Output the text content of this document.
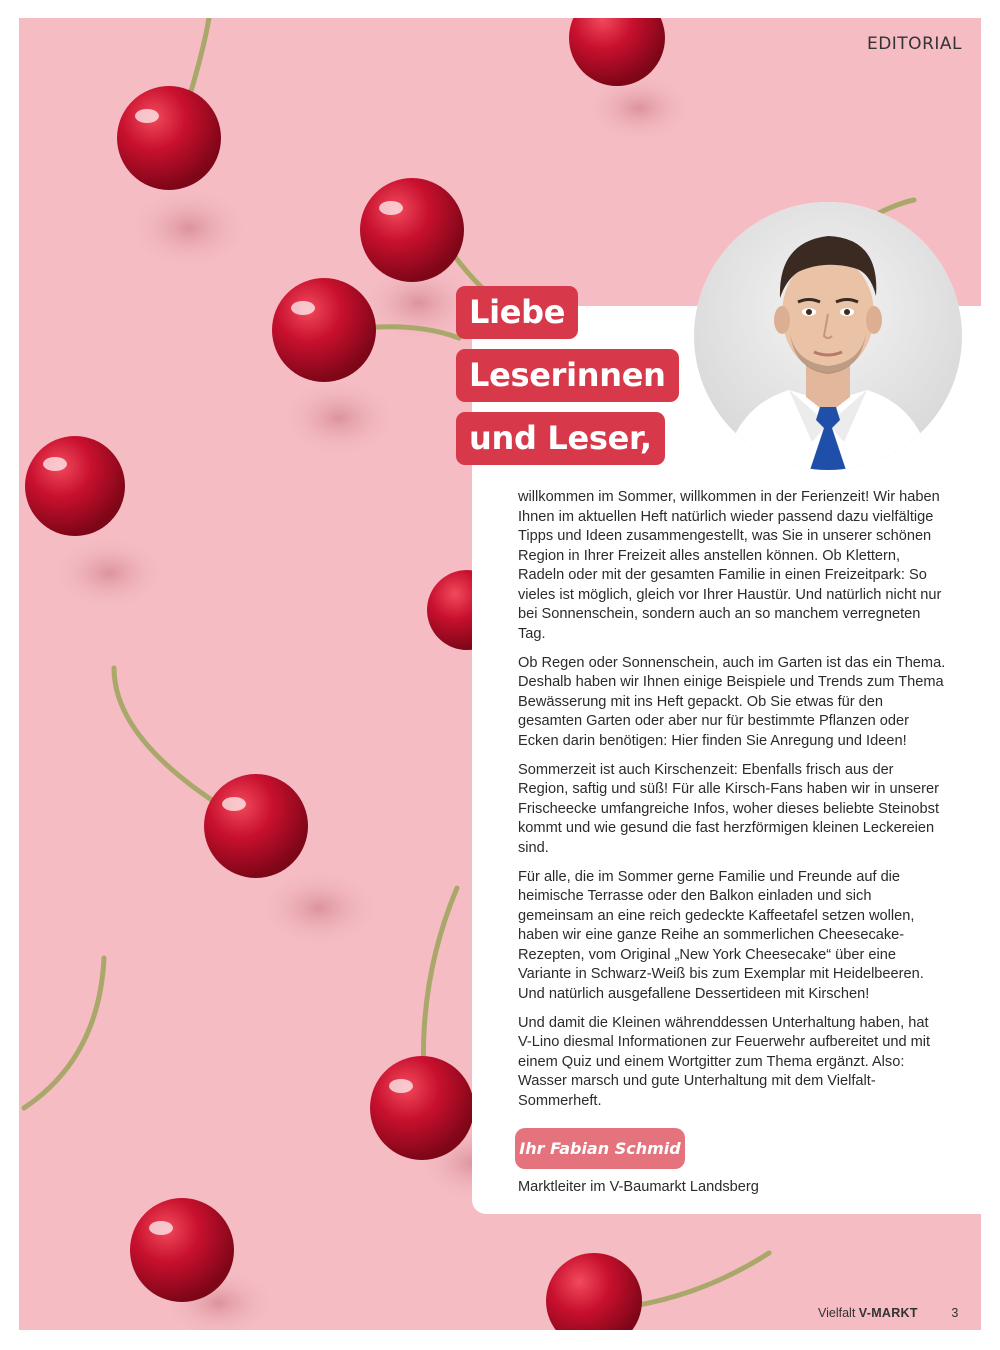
EDITORIAL
Liebe
Leserinnen
und Leser,

willkommen im Sommer, willkommen in der Ferienzeit! Wir haben Ihnen im aktuellen Heft natürlich wieder passend dazu vielfältige Tipps und Ideen zusammengestellt, was Sie in unserer schönen Region in Ihrer Freizeit alles anstellen können. Ob Klettern, Radeln oder mit der gesamten Familie in einen Freizeitpark: So vieles ist möglich, gleich vor Ihrer Haustür. Und natürlich nicht nur bei Sonnenschein, sondern auch an so manchem verregneten Tag.

Ob Regen oder Sonnenschein, auch im Garten ist das ein Thema. Deshalb haben wir Ihnen einige Beispiele und Trends zum Thema Bewässerung mit ins Heft gepackt. Ob Sie etwas für den gesamten Garten oder aber nur für bestimmte Pflanzen oder Ecken darin benötigen: Hier finden Sie Anregung und Ideen!

Sommerzeit ist auch Kirschenzeit: Ebenfalls frisch aus der Region, saftig und süß! Für alle Kirsch-Fans haben wir in unserer Frischeecke umfangreiche Infos, woher dieses beliebte Steinobst kommt und wie gesund die fast herzförmigen kleinen Leckereien sind.

Für alle, die im Sommer gerne Familie und Freunde auf die heimische Terrasse oder den Balkon einladen und sich gemeinsam an eine reich gedeckte Kaffeetafel setzen wollen, haben wir eine ganze Reihe an sommerlichen Cheesecake-Rezepten, vom Original „New York Cheesecake“ über eine Variante in Schwarz-Weiß bis zum Exemplar mit Heidelbeeren. Und natürlich ausgefallene Dessertideen mit Kirschen!

Und damit die Kleinen währenddessen Unterhaltung haben, hat V-Lino diesmal Informationen zur Feuerwehr aufbereitet und mit einem Quiz und einem Wortgitter zum Thema ergänzt. Also: Wasser marsch und gute Unterhaltung mit dem Vielfalt-Sommerheft.

Ihr Fabian Schmid
Marktleiter im V-Baumarkt Landsberg
Vielfalt V-MARKT	3
